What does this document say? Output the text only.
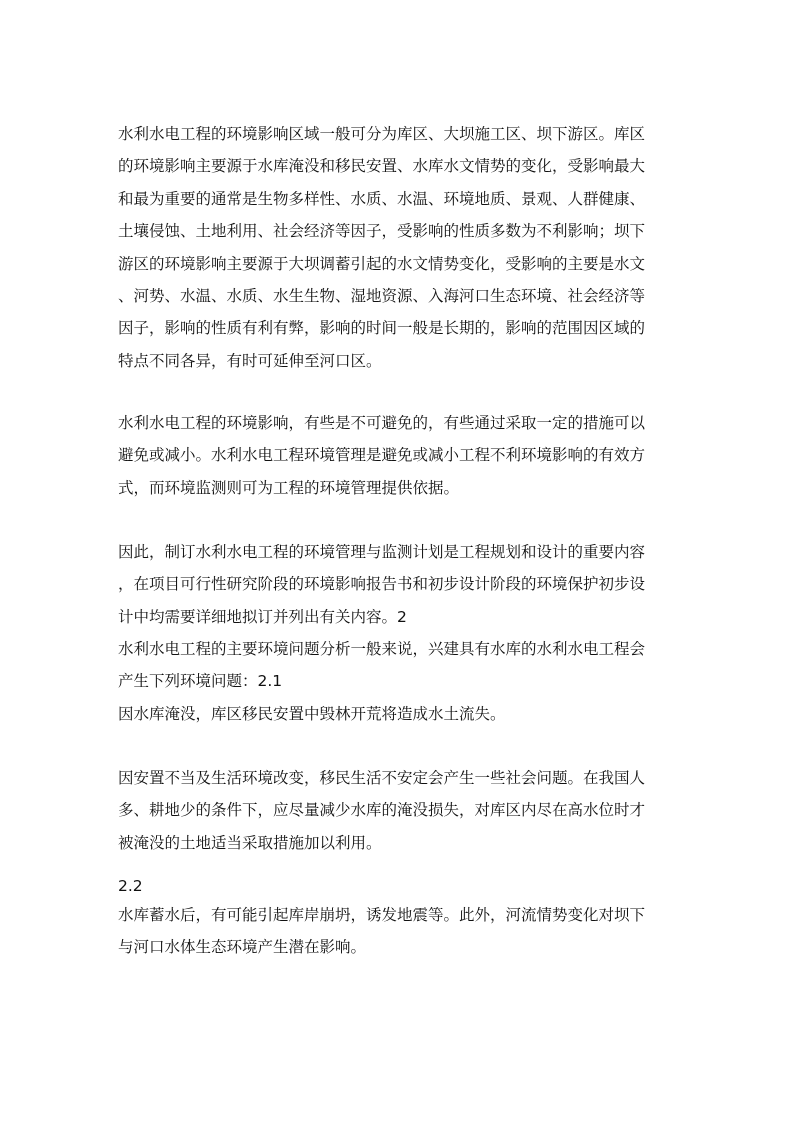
水利水电工程的环境影响区域一般可分为库区、大坝施工区、坝下游区。库区
的环境影响主要源于水库淹没和移民安置、水库水文情势的变化，受影响最大
和最为重要的通常是生物多样性、水质、水温、环境地质、景观、人群健康、
土壤侵蚀、土地利用、社会经济等因子，受影响的性质多数为不利影响；坝下
游区的环境影响主要源于大坝调蓄引起的水文情势变化，受影响的主要是水文
、河势、水温、水质、水生生物、湿地资源、入海河口生态环境、社会经济等
因子，影响的性质有利有弊，影响的时间一般是长期的，影响的范围因区域的
特点不同各异，有时可延伸至河口区。

水利水电工程的环境影响，有些是不可避免的，有些通过采取一定的措施可以
避免或减小。水利水电工程环境管理是避免或减小工程不利环境影响的有效方
式，而环境监测则可为工程的环境管理提供依据。

因此，制订水利水电工程的环境管理与监测计划是工程规划和设计的重要内容
，在项目可行性研究阶段的环境影响报告书和初步设计阶段的环境保护初步设
计中均需要详细地拟订并列出有关内容。2

水利水电工程的主要环境问题分析一般来说，兴建具有水库的水利水电工程会
产生下列环境问题：2.1

因水库淹没，库区移民安置中毁林开荒将造成水土流失。

因安置不当及生活环境改变，移民生活不安定会产生一些社会问题。在我国人
多、耕地少的条件下，应尽量减少水库的淹没损失，对库区内尽在高水位时才
被淹没的土地适当采取措施加以利用。

2.2

水库蓄水后，有可能引起库岸崩坍，诱发地震等。此外，河流情势变化对坝下
与河口水体生态环境产生潜在影响。
